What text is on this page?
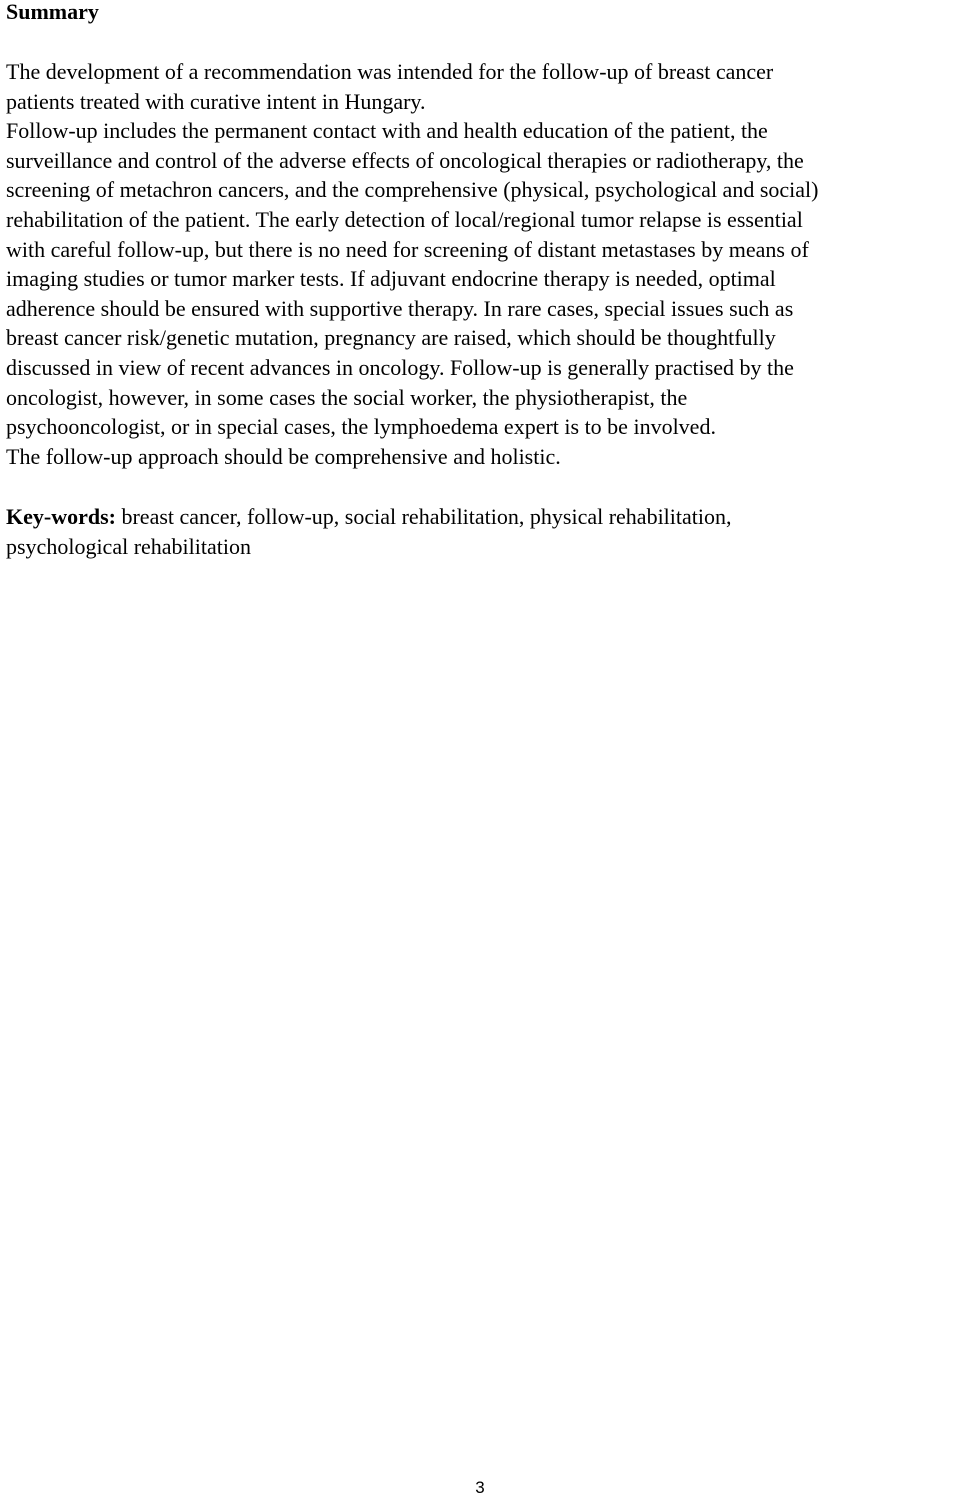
Summary
The development of a recommendation was intended for the follow-up of breast cancer
patients treated with curative intent in Hungary.
Follow-up includes the permanent contact with and health education of the patient, the
surveillance and control of the adverse effects of oncological therapies or radiotherapy, the
screening of metachron cancers, and the comprehensive (physical, psychological and social)
rehabilitation of the patient. The early detection of local/regional tumor relapse is essential
with careful follow-up, but there is no need for screening of distant metastases by means of
imaging studies or tumor marker tests. If adjuvant endocrine therapy is needed, optimal
adherence should be ensured with supportive therapy. In rare cases, special issues such as
breast cancer risk/genetic mutation, pregnancy are raised, which should be thoughtfully
discussed in view of recent advances in oncology. Follow-up is generally practised by the
oncologist, however, in some cases the social worker, the physiotherapist, the
psychooncologist, or in special cases, the lymphoedema expert is to be involved.
The follow-up approach should be comprehensive and holistic.
Key-words: breast cancer, follow-up, social rehabilitation, physical rehabilitation,
psychological rehabilitation
3
